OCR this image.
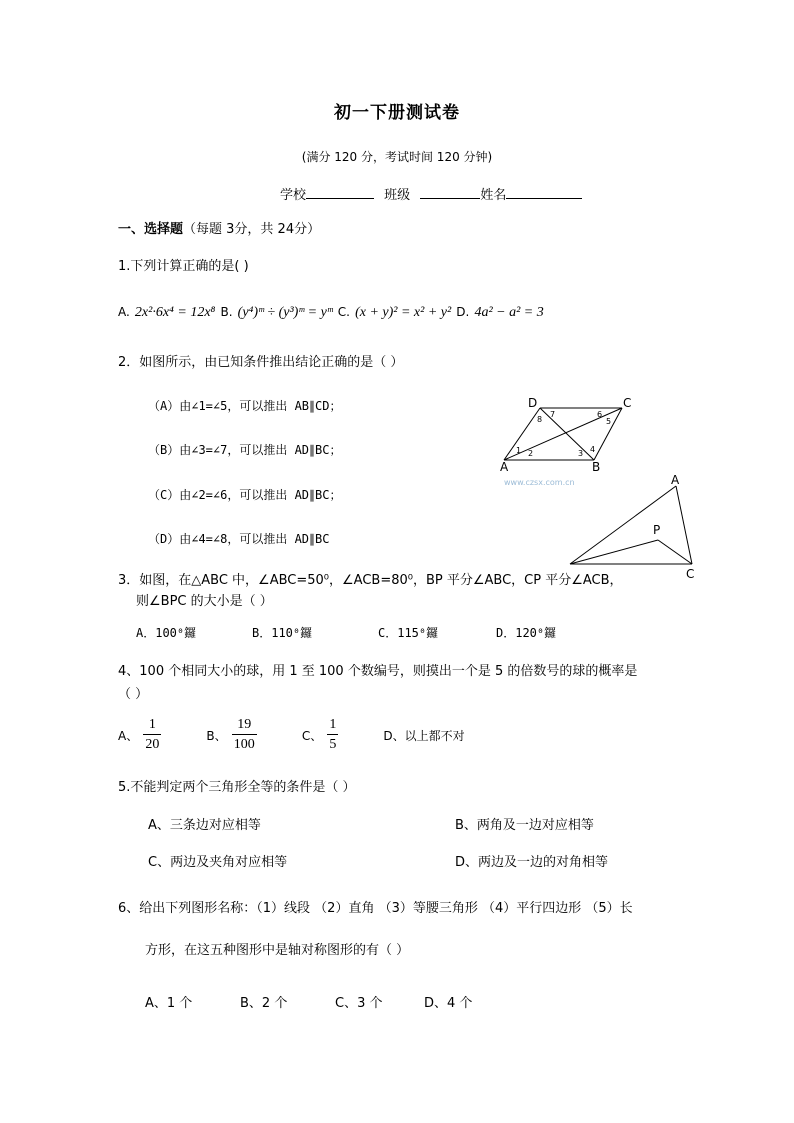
初一下册测试卷
(满分 120 分，考试时间 120 分钟)
学校	班级	姓名
一、选择题（每题 3分，共 24分）
1.下列计算正确的是( )
A. 2x²·6x⁴ = 12x⁸ B. (y⁴)ᵐ ÷ (y³)ᵐ = yᵐ C. (x + y)² = x² + y² D. 4a² − a² = 3
2．如图所示，由已知条件推出结论正确的是（ ）
（A）由∠1=∠5，可以推出 AB∥CD；
（B）由∠3=∠7，可以推出 AD∥BC；
（C）由∠2=∠6，可以推出 AD∥BC；
（D）由∠4=∠8，可以推出 AD∥BC
D	C
A	B
1 2	3 4
5
6
7
8
www.czsx.com.cn	A
P
C
3．如图，在△ABC 中，∠ABC=50⁰，∠ACB=80⁰，BP 平分∠ABC，CP 平分∠ACB，
则∠BPC 的大小是（ ）
A．100⁰鑼	B．110⁰鑼	C．115⁰鑼	D．120⁰鑼
4、100 个相同大小的球，用 1 至 100 个数编号，则摸出一个是 5 的倍数号的球的概率是
（ ）
A、 $\frac{1}{20}$	B、 $\frac{19}{100}$	C、 $\frac{1}{5}$	D、以上都不对
5.不能判定两个三角形全等的条件是（ ）
A、三条边对应相等	B、两角及一边对应相等
C、两边及夹角对应相等	D、两边及一边的对角相等
6、给出下列图形名称：（1）线段 （2）直角 （3）等腰三角形 （4）平行四边形 （5）长
方形，在这五种图形中是轴对称图形的有（ ）
A、1 个	B、2 个	C、3 个	D、4 个
